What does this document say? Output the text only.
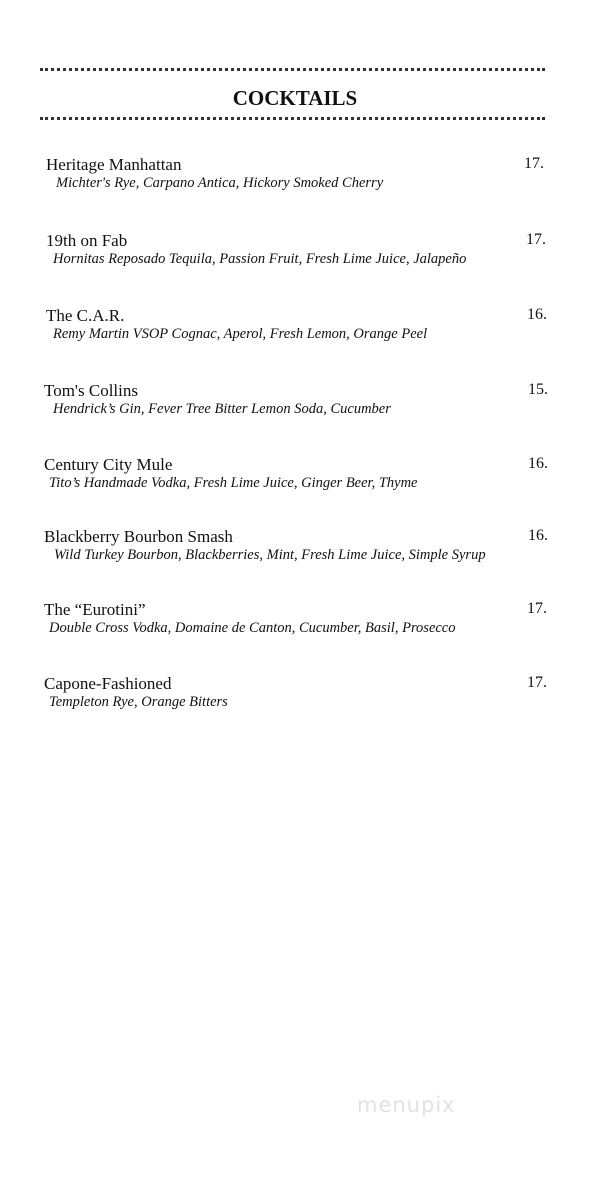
COCKTAILS
Heritage Manhattan	17.
Michter's Rye, Carpano Antica, Hickory Smoked Cherry
19th on Fab	17.
Hornitas Reposado Tequila, Passion Fruit, Fresh Lime Juice, Jalapeño
The C.A.R.	16.
Remy Martin VSOP Cognac, Aperol, Fresh Lemon, Orange Peel
Tom's Collins	15.
Hendrick’s Gin, Fever Tree Bitter Lemon Soda, Cucumber
Century City Mule	16.
Tito’s Handmade Vodka, Fresh Lime Juice, Ginger Beer, Thyme
Blackberry Bourbon Smash	16.
Wild Turkey Bourbon, Blackberries, Mint, Fresh Lime Juice, Simple Syrup
The “Eurotini”	17.
Double Cross Vodka, Domaine de Canton, Cucumber, Basil, Prosecco
Capone-Fashioned	17.
Templeton Rye, Orange Bitters
menupix
